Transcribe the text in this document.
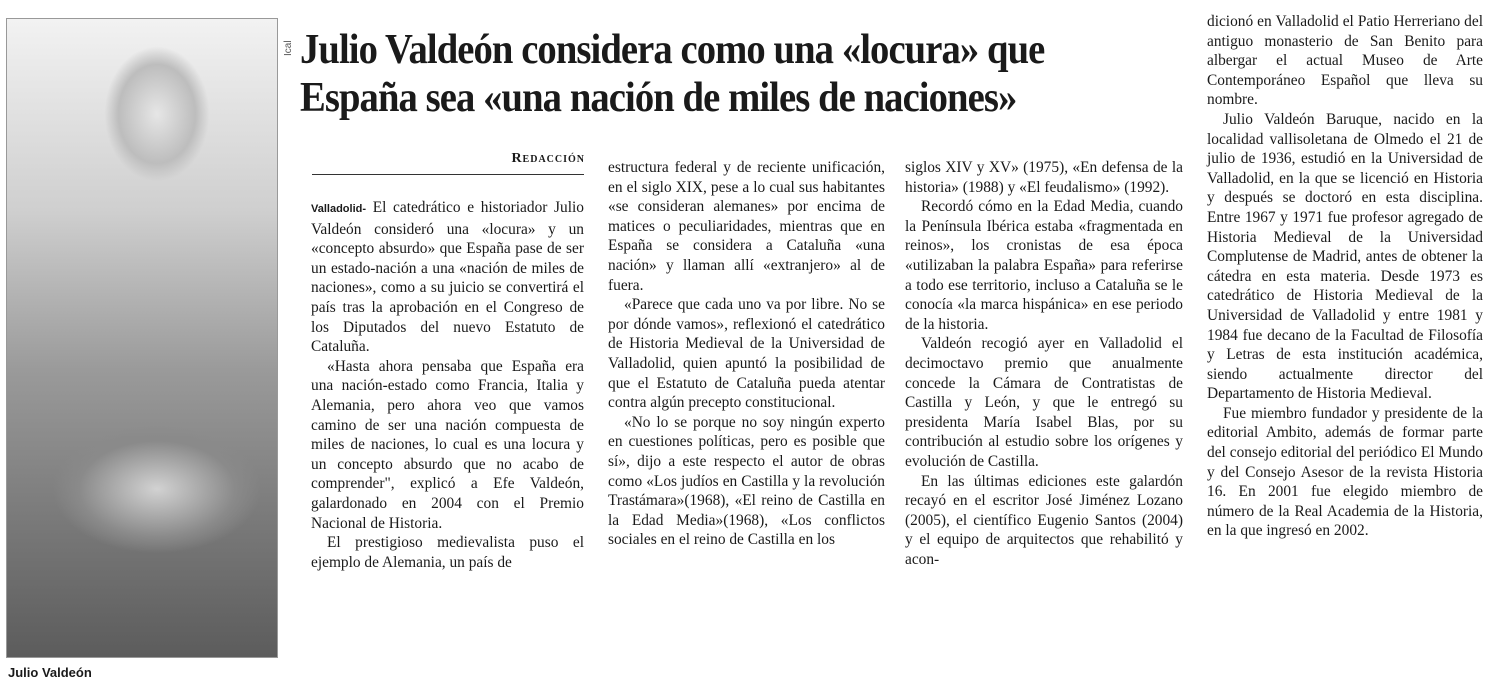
Ical
Julio Valdeón
Julio Valdeón considera como una «locura» que España sea «una nación de miles de naciones»
Redacción

Valladolid- El catedrático e historiador Julio Valdeón consideró una «locura» y un «concepto absurdo» que España pase de ser un estado-nación a una «nación de miles de naciones», como a su juicio se convertirá el país tras la aprobación en el Congreso de los Diputados del nuevo Estatuto de Cataluña.

«Hasta ahora pensaba que España era una nación-estado como Francia, Italia y Alemania, pero ahora veo que vamos camino de ser una nación compuesta de miles de naciones, lo cual es una locura y un concepto absurdo que no acabo de comprender", explicó a Efe Valdeón, galardonado en 2004 con el Premio Nacional de Historia.

El prestigioso medievalista puso el ejemplo de Alemania, un país de

estructura federal y de reciente unificación, en el siglo XIX, pese a lo cual sus habitantes «se consideran alemanes» por encima de matices o peculiaridades, mientras que en España se considera a Cataluña «una nación» y llaman allí «extranjero» al de fuera.

«Parece que cada uno va por libre. No se por dónde vamos», reflexionó el catedrático de Historia Medieval de la Universidad de Valladolid, quien apuntó la posibilidad de que el Estatuto de Cataluña pueda atentar contra algún precepto constitucional.

«No lo se porque no soy ningún experto en cuestiones políticas, pero es posible que sí», dijo a este respecto el autor de obras como «Los judíos en Castilla y la revolución Trastámara»(1968), «El reino de Castilla en la Edad Media»(1968), «Los conflictos sociales en el reino de Castilla en los

siglos XIV y XV» (1975), «En defensa de la historia» (1988) y «El feudalismo» (1992).

Recordó cómo en la Edad Media, cuando la Península Ibérica estaba «fragmentada en reinos», los cronistas de esa época «utilizaban la palabra España» para referirse a todo ese territorio, incluso a Cataluña se le conocía «la marca hispánica» en ese periodo de la historia.

Valdeón recogió ayer en Valladolid el decimoctavo premio que anualmente concede la Cámara de Contratistas de Castilla y León, y que le entregó su presidenta María Isabel Blas, por su contribución al estudio sobre los orígenes y evolución de Castilla.

En las últimas ediciones este galardón recayó en el escritor José Jiménez Lozano (2005), el científico Eugenio Santos (2004) y el equipo de arquitectos que rehabilitó y acon-

dicionó en Valladolid el Patio Herreriano del antiguo monasterio de San Benito para albergar el actual Museo de Arte Contemporáneo Español que lleva su nombre.

Julio Valdeón Baruque, nacido en la localidad vallisoletana de Olmedo el 21 de julio de 1936, estudió en la Universidad de Valladolid, en la que se licenció en Historia y después se doctoró en esta disciplina. Entre 1967 y 1971 fue profesor agregado de Historia Medieval de la Universidad Complutense de Madrid, antes de obtener la cátedra en esta materia. Desde 1973 es catedrático de Historia Medieval de la Universidad de Valladolid y entre 1981 y 1984 fue decano de la Facultad de Filosofía y Letras de esta institución académica, siendo actualmente director del Departamento de Historia Medieval.

Fue miembro fundador y presidente de la editorial Ambito, además de formar parte del consejo editorial del periódico El Mundo y del Consejo Asesor de la revista Historia 16. En 2001 fue elegido miembro de número de la Real Academia de la Historia, en la que ingresó en 2002.
